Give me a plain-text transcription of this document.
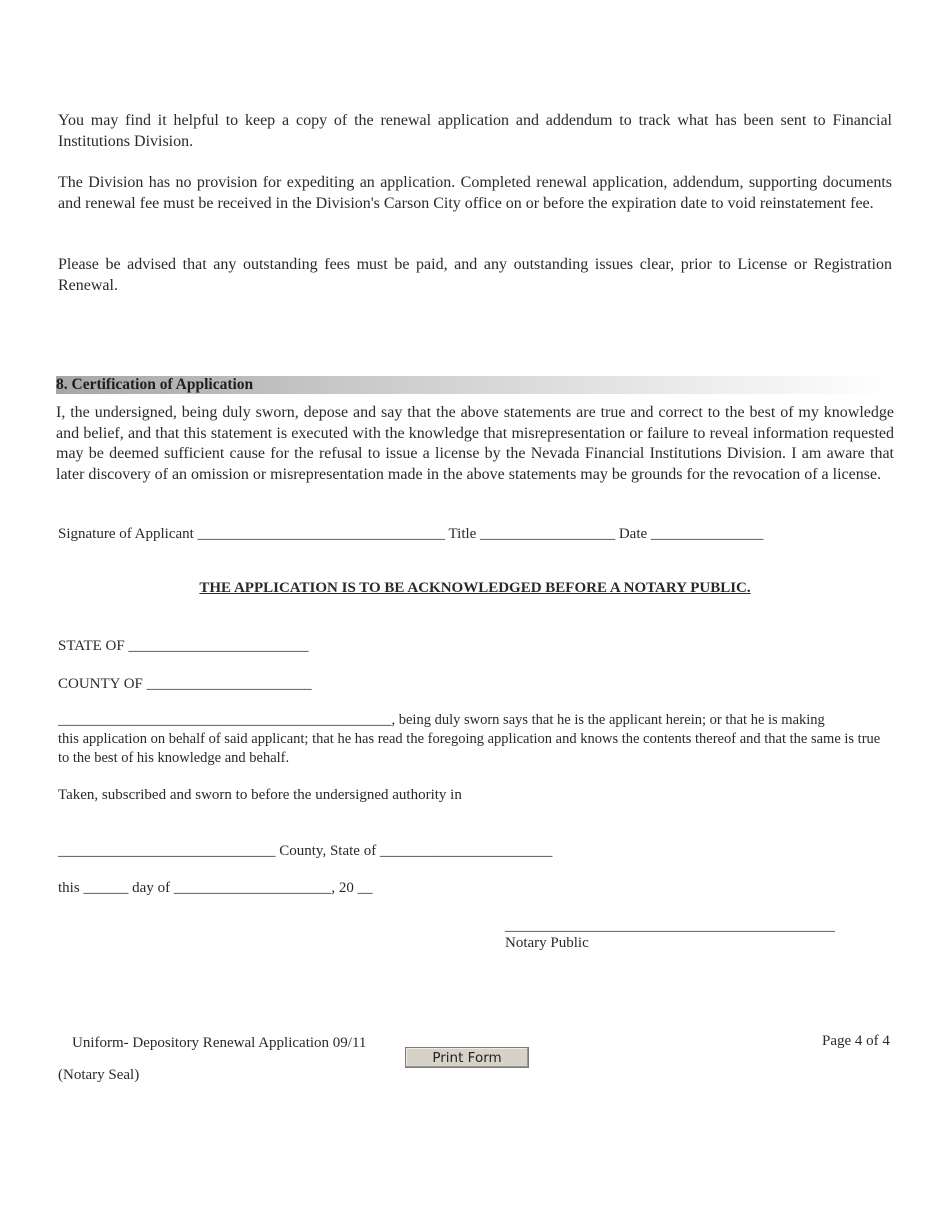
You may find it helpful to keep a copy of the renewal application and addendum to track what has been sent to Financial Institutions Division.
The Division has no provision for expediting an application. Completed renewal application, addendum, supporting documents and renewal fee must be received in the Division's Carson City office on or before the expiration date to void reinstatement fee.
Please be advised that any outstanding fees must be paid, and any outstanding issues clear, prior to License or Registration Renewal.
8. Certification of Application
I, the undersigned, being duly sworn, depose and say that the above statements are true and correct to the best of my knowledge and belief, and that this statement is executed with the knowledge that misrepresentation or failure to reveal information requested may be deemed sufficient cause for the refusal to issue a license by the Nevada Financial Institutions Division. I am aware that later discovery of an omission or misrepresentation made in the above statements may be grounds for the revocation of a license.
Signature of Applicant _________________________________ Title __________________ Date _______________
THE APPLICATION IS TO BE ACKNOWLEDGED BEFORE A NOTARY PUBLIC.
STATE OF ________________________
COUNTY OF ______________________
______________________________________________, being duly sworn says that he is the applicant herein; or that he is making
this application on behalf of said applicant; that he has read the foregoing application and knows the contents thereof and that the same is true to the best of his knowledge and behalf.
Taken, subscribed and sworn to before the undersigned authority in
_____________________________ County, State of _______________________
this ______ day of _____________________, 20 __
____________________________________________
Notary Public
Uniform- Depository Renewal Application 09/11	Page 4 of 4
Print Form
(Notary Seal)
